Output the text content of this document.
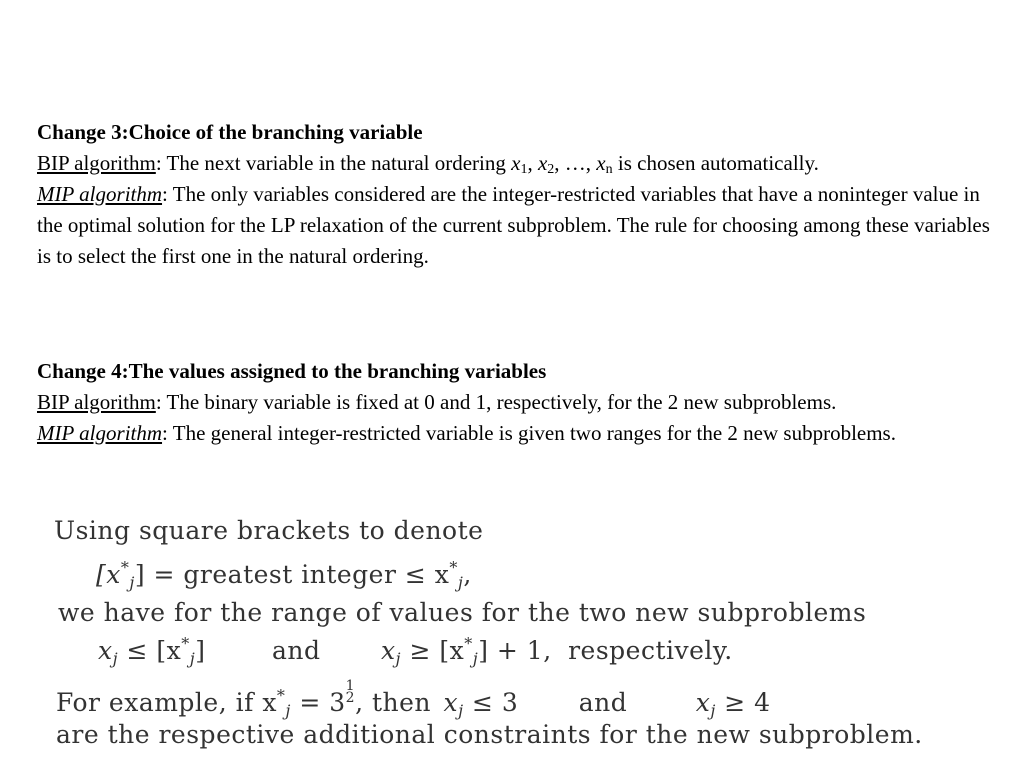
Change 3:Choice of the branching variable
BIP algorithm: The next variable in the natural ordering $x_1$, $x_2$, …, $x_n$ is chosen automatically.
MIP algorithm: The only variables considered are the integer-restricted variables that have a noninteger value in the optimal solution for the LP relaxation of the current subproblem. The rule for choosing among these variables is to select the first one in the natural ordering.
Change 4:The values assigned to the branching variables
BIP algorithm: The binary variable is fixed at 0 and 1, respectively, for the 2 new subproblems.
MIP algorithm: The general integer-restricted variable is given two ranges for the 2 new subproblems.
Using square brackets to denote
$[x^*_j]$ = greatest integer ≤ $x^*_j$,
we have for the range of values for the two new subproblems
$x_j \le [x^*_j]$	and $x_j \ge [x^*_j] + 1$, respectively.
For example, if $x^*_j = 3$
1
2 , then $x_j \le 3$ and	$x_j \ge 4$
are the respective additional constraints for the new subproblem.
